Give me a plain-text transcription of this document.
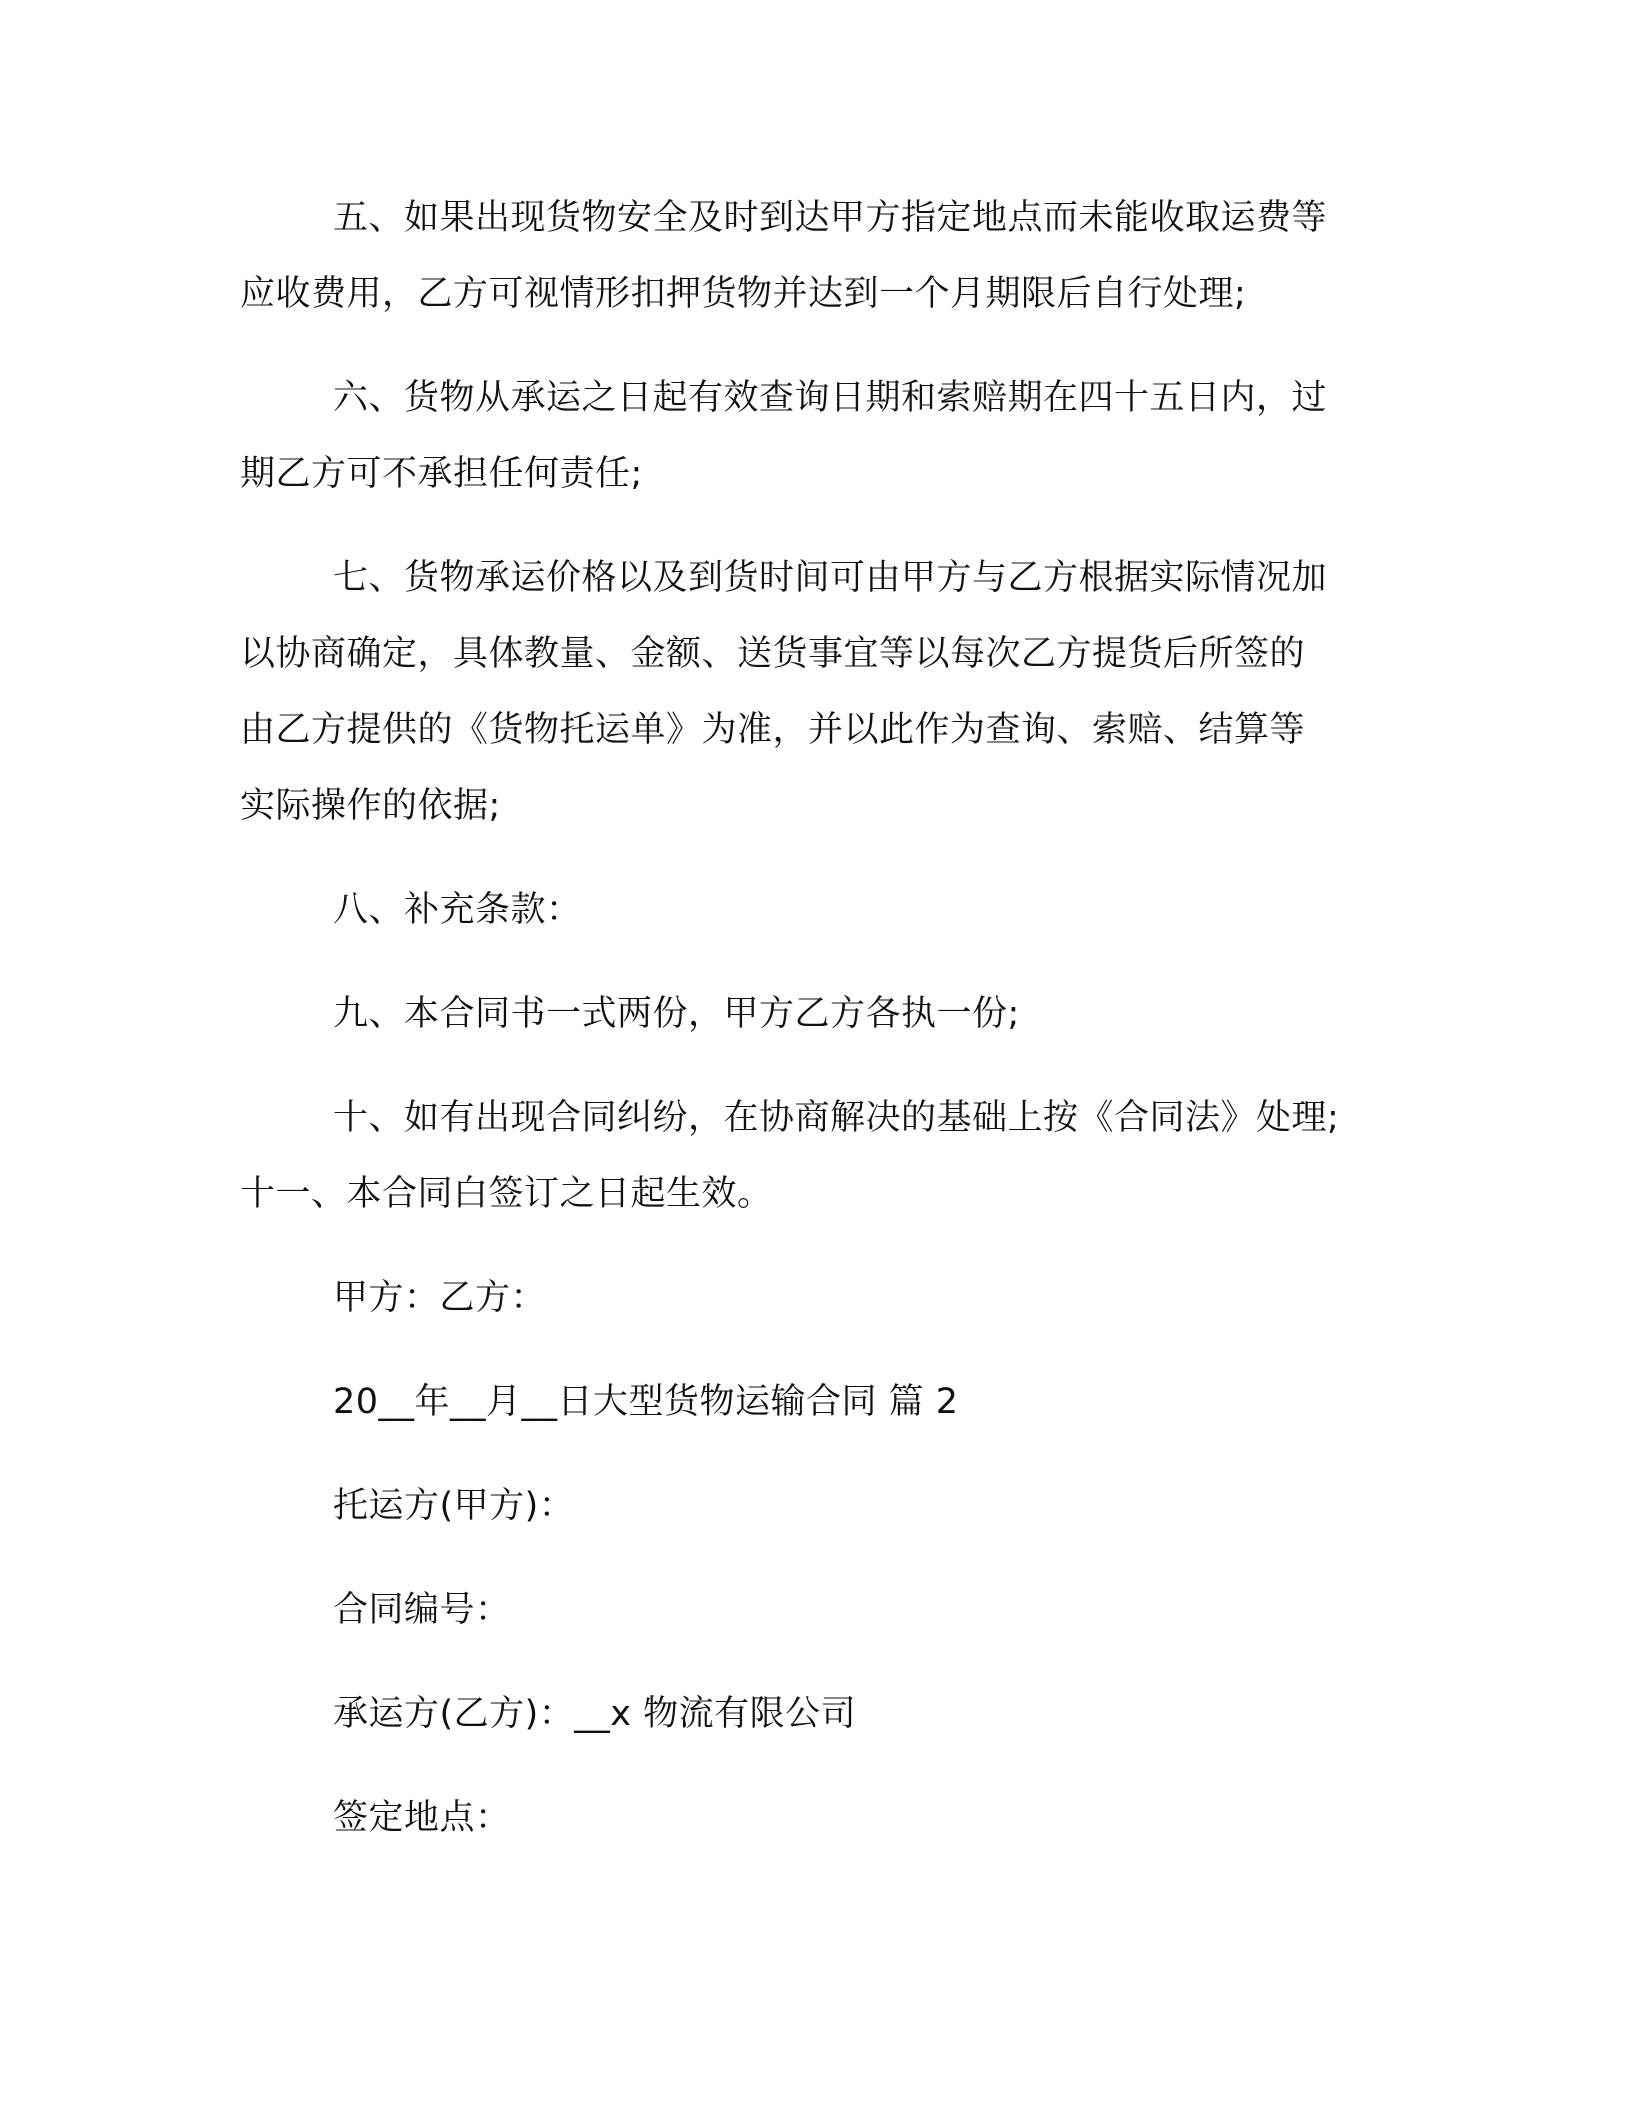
五、如果出现货物安全及时到达甲方指定地点而未能收取运费等
应收费用，乙方可视情形扣押货物并达到一个月期限后自行处理;
六、货物从承运之日起有效查询日期和索赔期在四十五日内，过
期乙方可不承担任何责任;
七、货物承运价格以及到货时间可由甲方与乙方根据实际情况加
以协商确定，具体教量、金额、送货事宜等以每次乙方提货后所签的
由乙方提供的《货物托运单》为准，并以此作为查询、索赔、结算等
实际操作的依据;
八、补充条款：
九、本合同书一式两份，甲方乙方各执一份;
十、如有出现合同纠纷，在协商解决的基础上按《合同法》处理;
十一、本合同白签订之日起生效。
甲方：乙方：
20__年__月__日大型货物运输合同 篇 2
托运方(甲方)：
合同编号：
承运方(乙方)：__x 物流有限公司
签定地点：
